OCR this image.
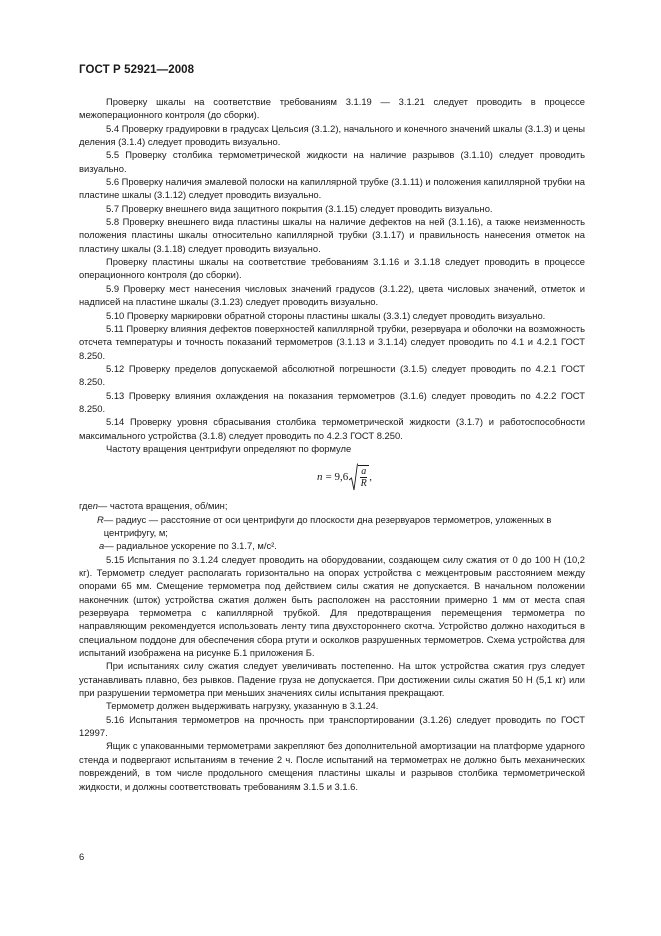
ГОСТ Р 52921—2008

Проверку шкалы на соответствие требованиям 3.1.19 — 3.1.21 следует проводить в процессе межоперационного контроля (до сборки).

5.4 Проверку градуировки в градусах Цельсия (3.1.2), начального и конечного значений шкалы (3.1.3) и цены деления (3.1.4) следует проводить визуально.

5.5 Проверку столбика термометрической жидкости на наличие разрывов (3.1.10) следует проводить визуально.

5.6 Проверку наличия эмалевой полоски на капиллярной трубке (3.1.11) и положения капиллярной трубки на пластине шкалы (3.1.12) следует проводить визуально.

5.7 Проверку внешнего вида защитного покрытия (3.1.15) следует проводить визуально.

5.8 Проверку внешнего вида пластины шкалы на наличие дефектов на ней (3.1.16), а также неизменность положения пластины шкалы относительно капиллярной трубки (3.1.17) и правильность нанесения отметок на пластину шкалы (3.1.18) следует проводить визуально.

Проверку пластины шкалы на соответствие требованиям 3.1.16 и 3.1.18 следует проводить в процессе операционного контроля (до сборки).

5.9 Проверку мест нанесения числовых значений градусов (3.1.22), цвета числовых значений, отметок и надписей на пластине шкалы (3.1.23) следует проводить визуально.

5.10 Проверку маркировки обратной стороны пластины шкалы (3.3.1) следует проводить визуально.

5.11 Проверку влияния дефектов поверхностей капиллярной трубки, резервуара и оболочки на возможность отсчета температуры и точность показаний термометров (3.1.13 и 3.1.14) следует проводить по 4.1 и 4.2.1 ГОСТ 8.250.

5.12 Проверку пределов допускаемой абсолютной погрешности (3.1.5) следует проводить по 4.2.1 ГОСТ 8.250.

5.13 Проверку влияния охлаждения на показания термометров (3.1.6) следует проводить по 4.2.2 ГОСТ 8.250.

5.14 Проверку уровня сбрасывания столбика термометрической жидкости (3.1.7) и работоспособности максимального устройства (3.1.8) следует проводить по 4.2.3 ГОСТ 8.250.

Частоту вращения центрифуги определяют по формуле

$n = 9,6 \frac{a}{R}$ ,

где n — частота вращения, об/мин;

R — радиус — расстояние от оси центрифуги до плоскости дна резервуаров термометров, уложенных в центрифугу, м;

a — радиальное ускорение по 3.1.7, м/с².

5.15 Испытания по 3.1.24 следует проводить на оборудовании, создающем силу сжатия от 0 до 100 Н (10,2 кг). Термометр следует располагать горизонтально на опорах устройства с межцентровым расстоянием между опорами 65 мм. Смещение термометра под действием силы сжатия не допускается. В начальном положении наконечник (шток) устройства сжатия должен быть расположен на расстоянии примерно 1 мм от места спая резервуара термометра с капиллярной трубкой. Для предотвращения перемещения термометра по направляющим рекомендуется использовать ленту типа двухстороннего скотча. Устройство должно находиться в специальном поддоне для обеспечения сбора ртути и осколков разрушенных термометров. Схема устройства для испытаний изображена на рисунке Б.1 приложения Б.

При испытаниях силу сжатия следует увеличивать постепенно. На шток устройства сжатия груз следует устанавливать плавно, без рывков. Падение груза не допускается. При достижении силы сжатия 50 Н (5,1 кг) или при разрушении термометра при меньших значениях силы испытания прекращают.

Термометр должен выдерживать нагрузку, указанную в 3.1.24.

5.16 Испытания термометров на прочность при транспортировании (3.1.26) следует проводить по ГОСТ 12997.

Ящик с упакованными термометрами закрепляют без дополнительной амортизации на платформе ударного стенда и подвергают испытаниям в течение 2 ч. После испытаний на термометрах не должно быть механических повреждений, в том числе продольного смещения пластины шкалы и разрывов столбика термометрической жидкости, и должны соответствовать требованиям 3.1.5 и 3.1.6.

6
